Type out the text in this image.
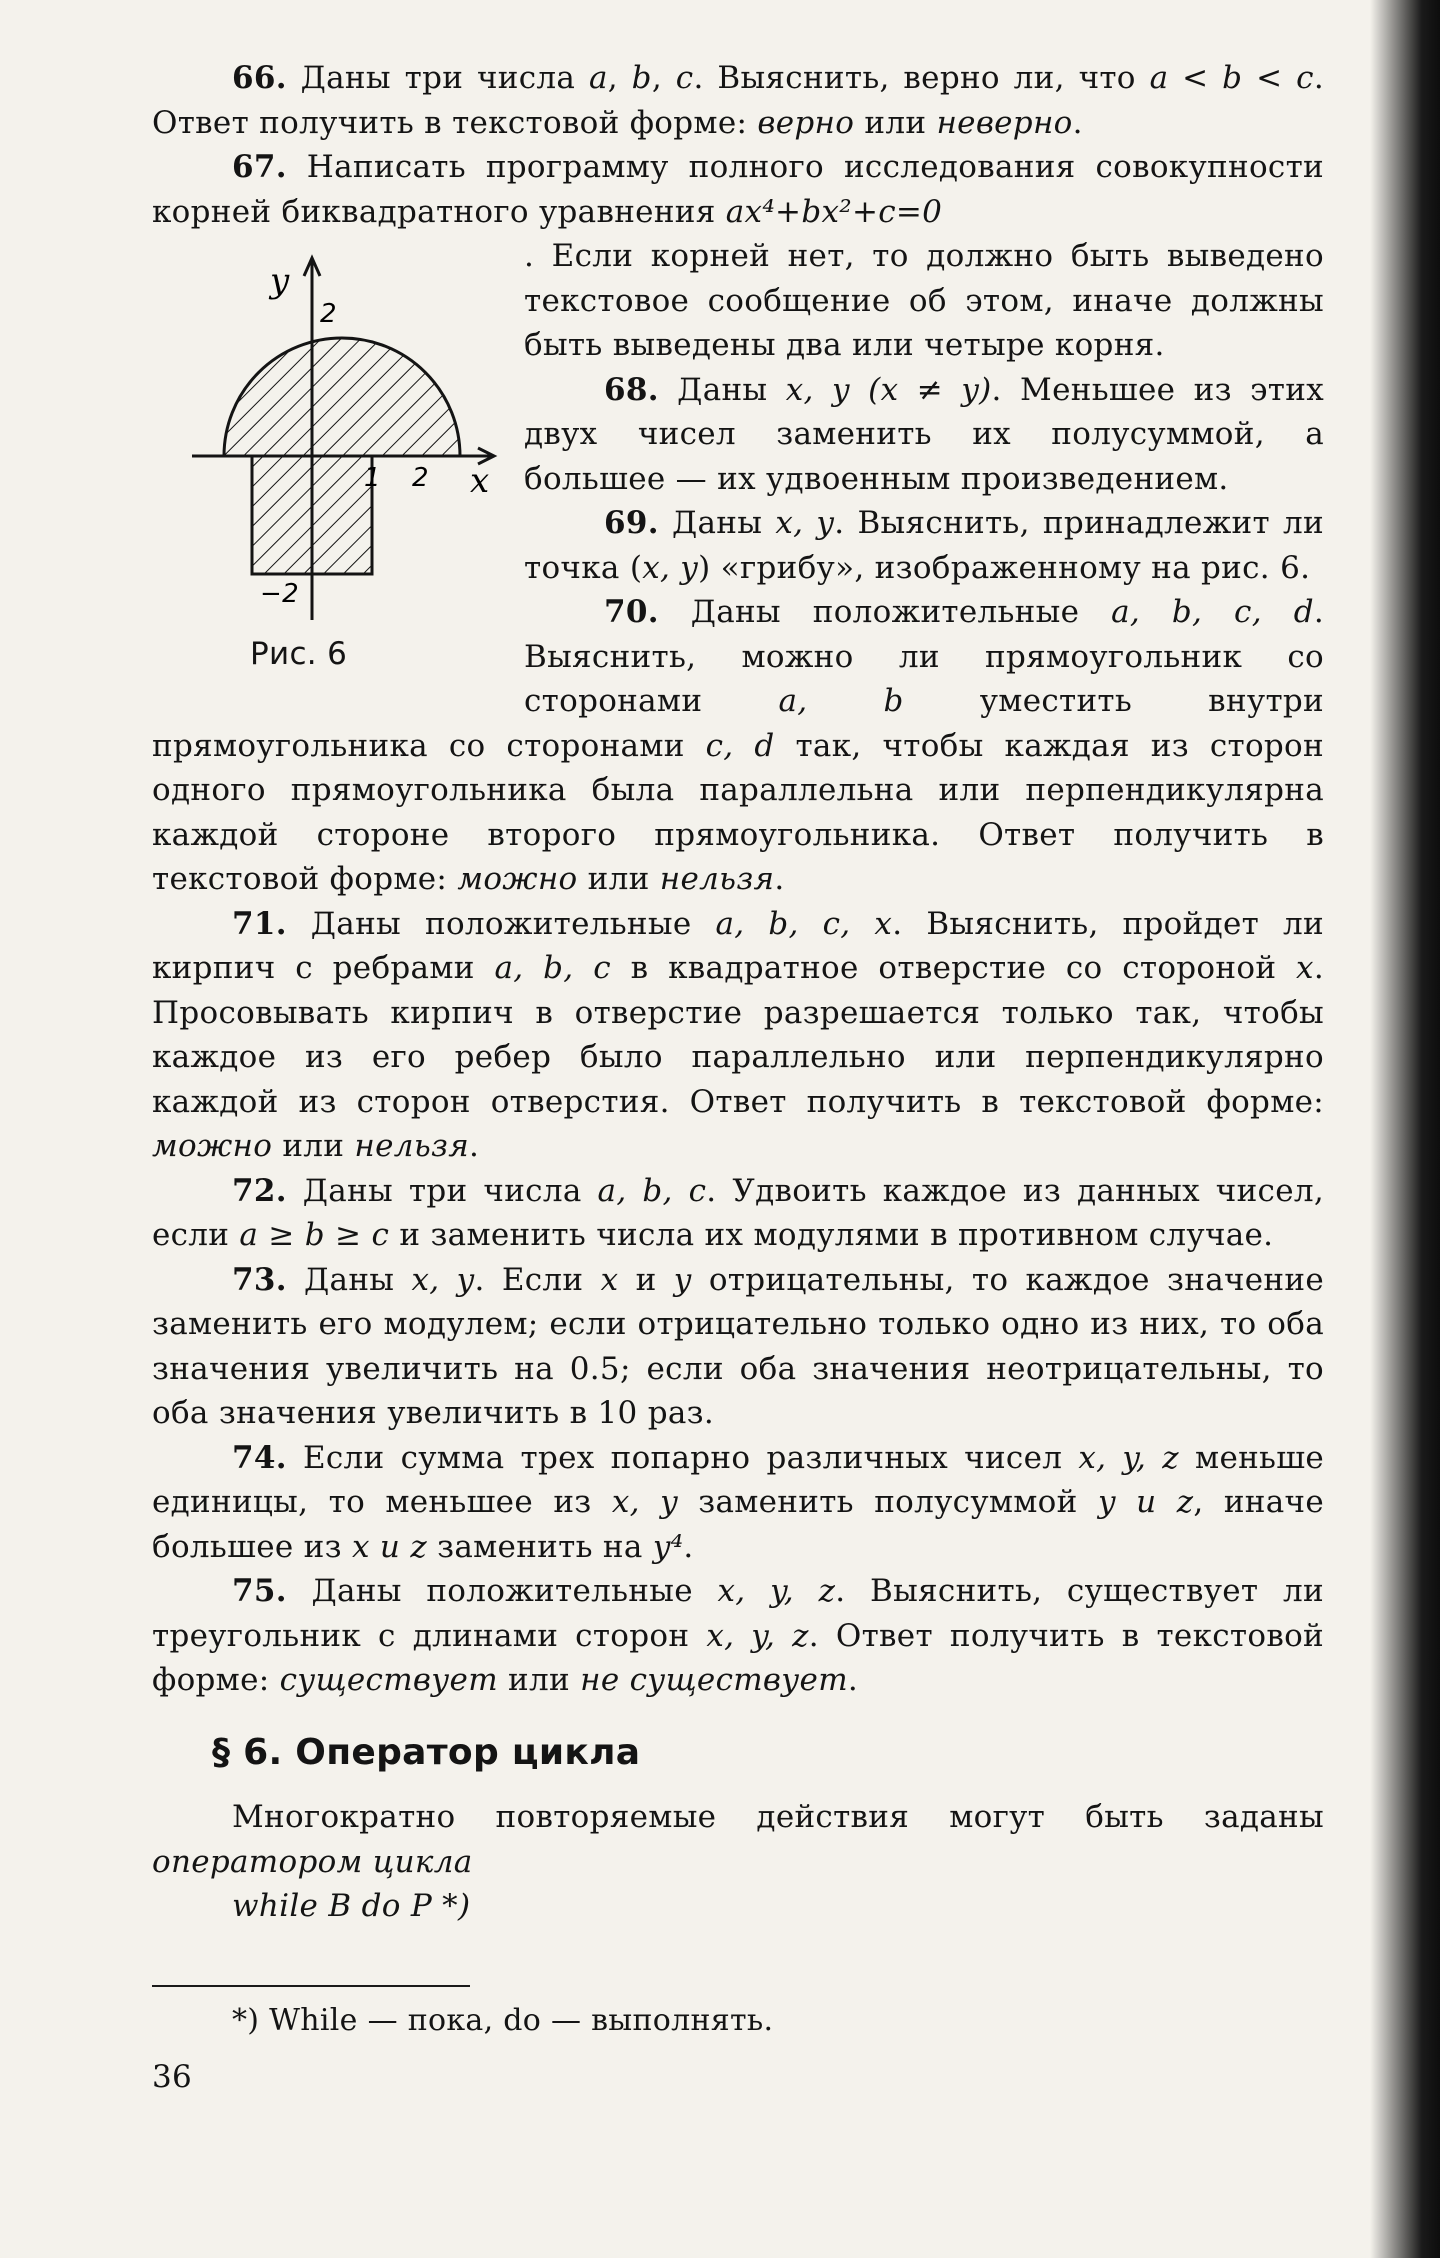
66. Даны три числа a, b, c. Выяснить, верно ли, что a < b < c. Ответ получить в текстовой форме: верно или неверно.

67. Написать программу полного исследования совокупности корней биквадратного уравнения ax⁴+bx²+c=0

y
x
2
−2
1 2
Рис. 6

. Если корней нет, то должно быть выведено текстовое сообщение об этом, иначе должны быть выведены два или четыре корня.

68. Даны x, y (x ≠ y). Меньшее из этих двух чисел заменить их полусуммой, а большее — их удвоенным произведением.

69. Даны x, y. Выяснить, принадлежит ли точка (x, y) «грибу», изображенному на рис. 6.

70. Даны положительные a, b, c, d. Выяснить, можно ли прямоугольник со сторонами a, b уместить внутри прямоугольника со сторонами c, d так, чтобы каждая из сторон одного прямоугольника была параллельна или перпендикулярна каждой стороне второго прямоугольника. Ответ получить в текстовой форме: можно или нельзя.

71. Даны положительные a, b, c, x. Выяснить, пройдет ли кирпич с ребрами a, b, c в квадратное отверстие со стороной x. Просовывать кирпич в отверстие разрешается только так, чтобы каждое из его ребер было параллельно или перпендикулярно каждой из сторон отверстия. Ответ получить в текстовой форме: можно или нельзя.

72. Даны три числа a, b, c. Удвоить каждое из данных чисел, если a ≥ b ≥ c и заменить числа их модулями в противном случае.

73. Даны x, y. Если x и y отрицательны, то каждое значение заменить его модулем; если отрицательно только одно из них, то оба значения увеличить на 0.5; если оба значения неотрицательны, то оба значения увеличить в 10 раз.

74. Если сумма трех попарно различных чисел x, y, z меньше единицы, то меньшее из x, y заменить полусуммой y и z, иначе большее из x и z заменить на y⁴.

75. Даны положительные x, y, z. Выяснить, существует ли треугольник с длинами сторон x, y, z. Ответ получить в текстовой форме: существует или не существует.

§ 6. Оператор цикла

Многократно повторяемые действия могут быть заданы оператором цикла

while B do P *)

*) While — пока, do — выполнять.

36
